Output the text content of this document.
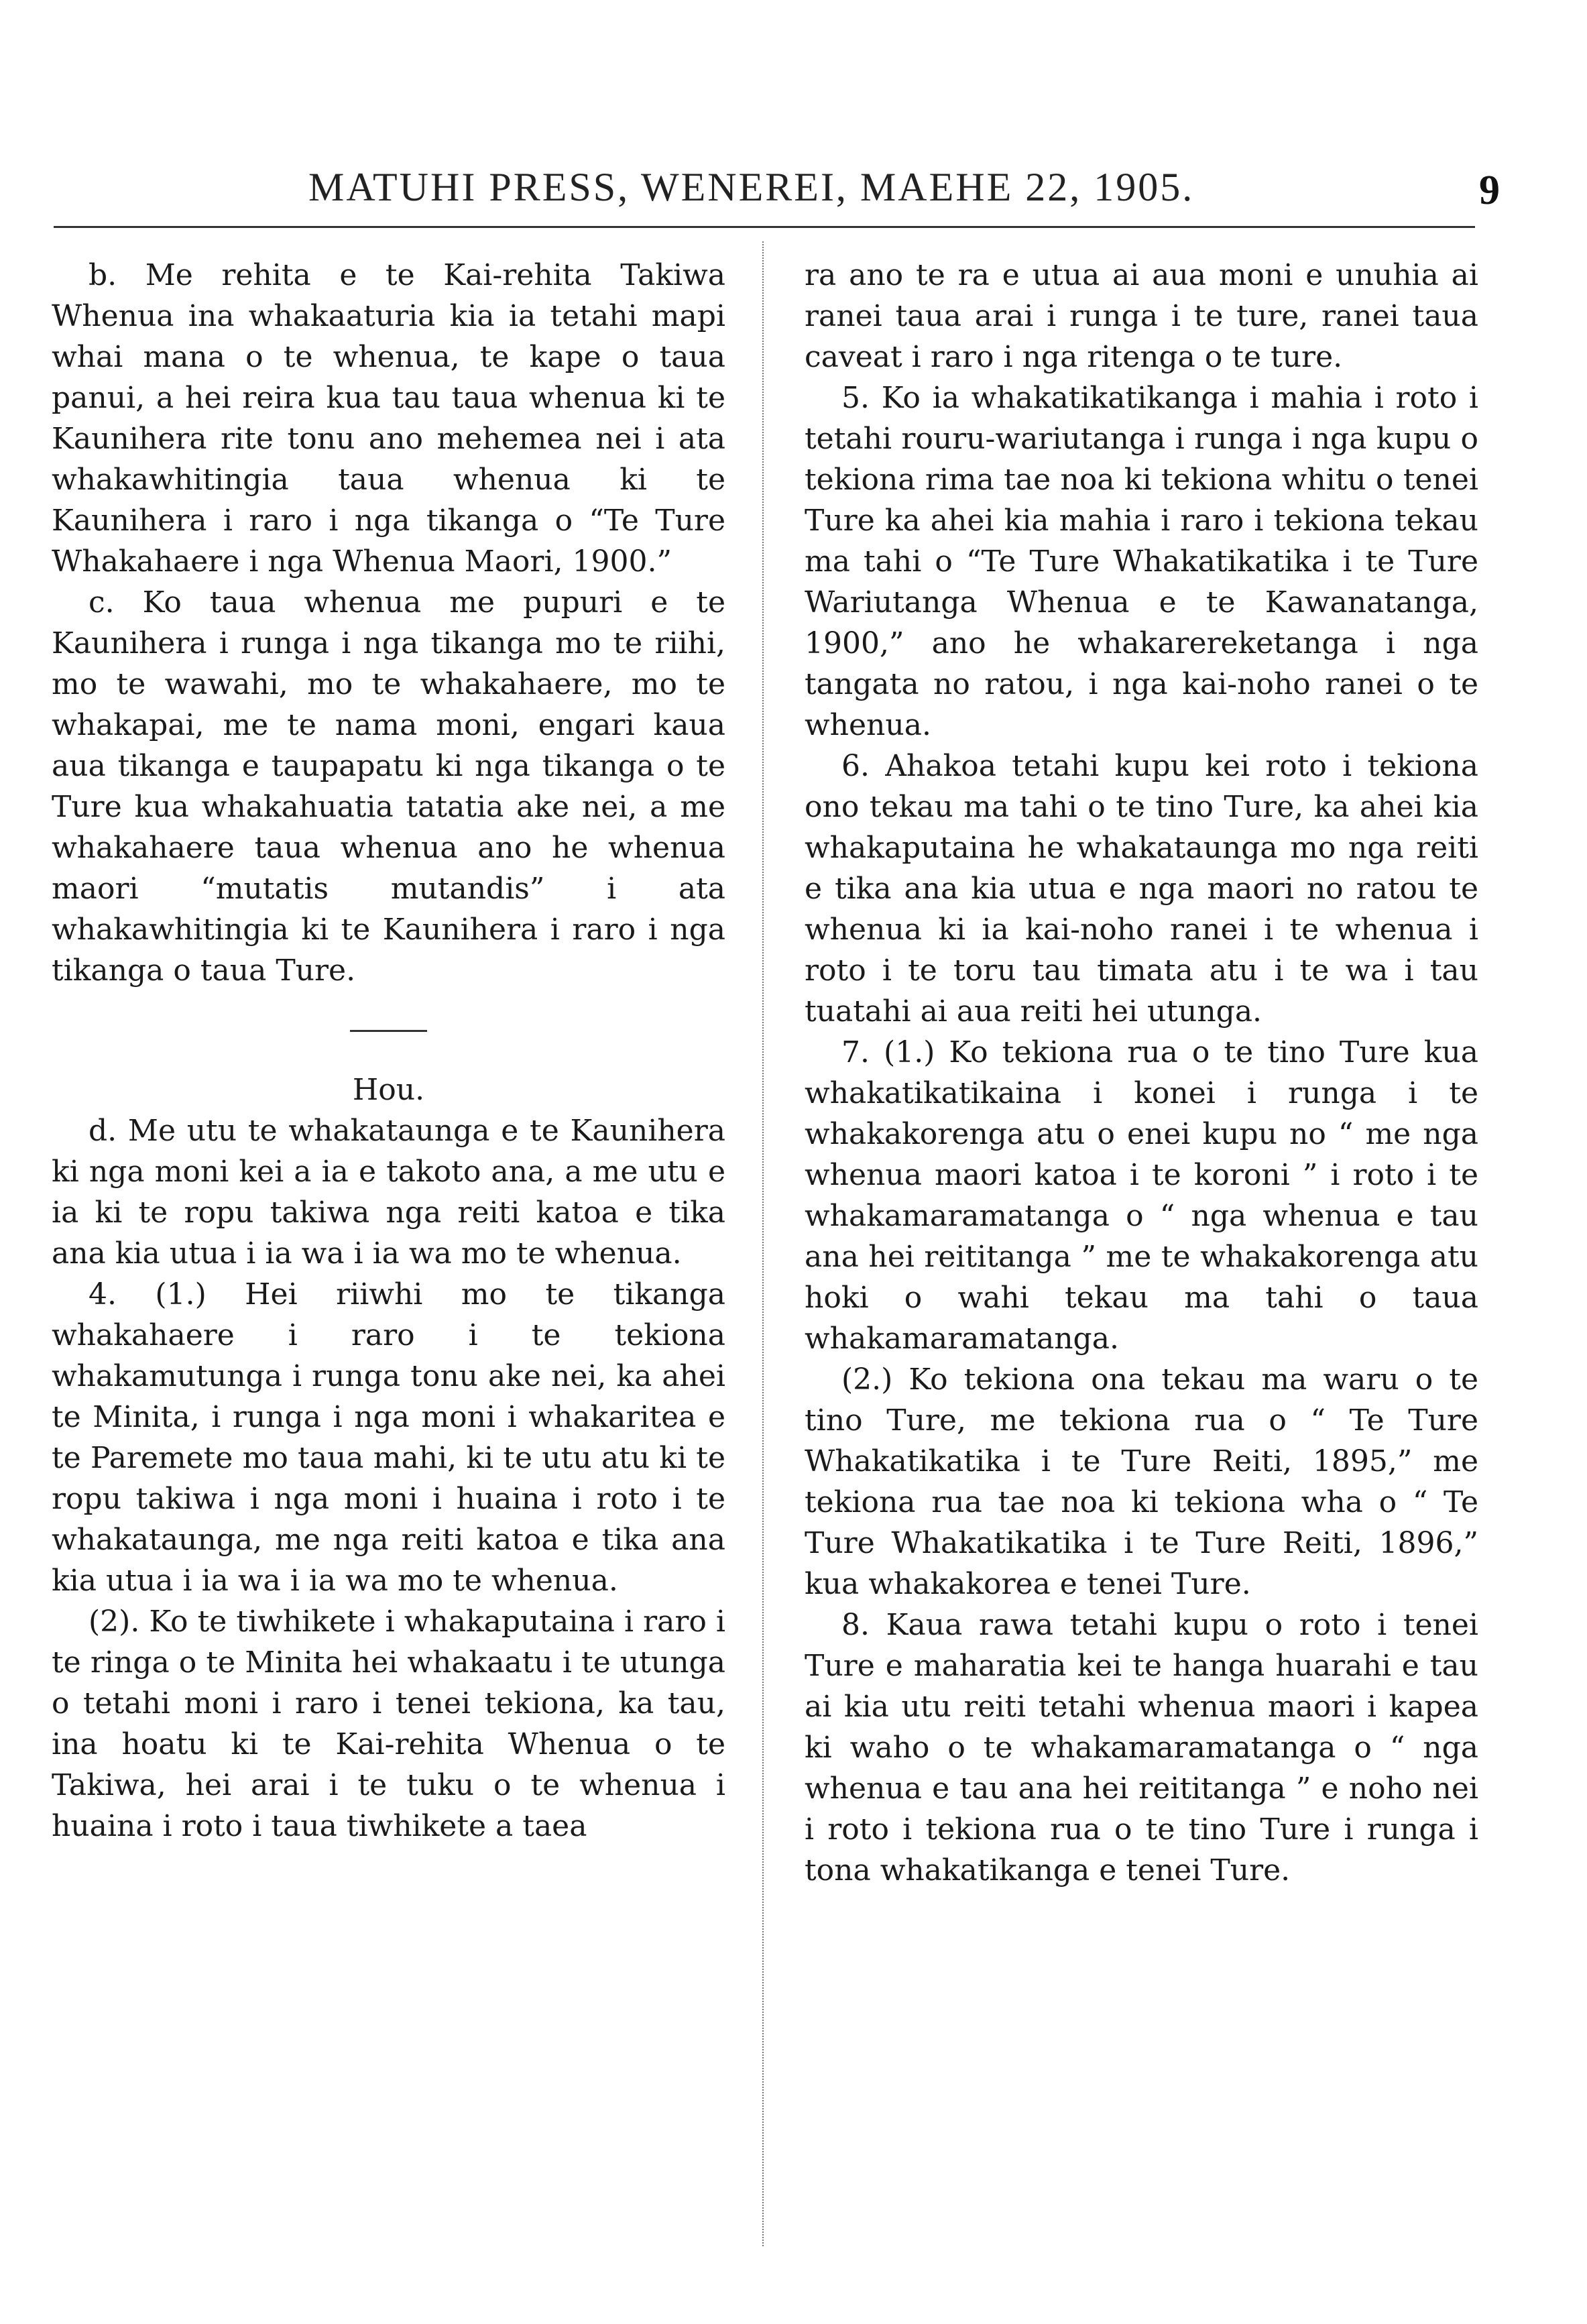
MATUHI PRESS, WENEREI, MAEHE 22, 1905.	9

b. Me rehita e te Kai-rehita Takiwa Whenua ina whakaaturia kia ia tetahi mapi whai mana o te whenua, te kape o taua panui, a hei reira kua tau taua whenua ki te Kaunihera rite tonu ano mehemea nei i ata whakawhitingia taua whenua ki te Kaunihera i raro i nga tikanga o “Te Ture Whakahaere i nga Whenua Maori, 1900.”

c. Ko taua whenua me pupuri e te Kaunihera i runga i nga tikanga mo te riihi, mo te wawahi, mo te whakahaere, mo te whakapai, me te nama moni, engari kaua aua tikanga e taupapatu ki nga tikanga o te Ture kua whakahuatia tatatia ake nei, a me whakahaere taua whenua ano he whenua maori “mutatis mutandis” i ata whakawhitingia ki te Kaunihera i raro i nga tikanga o taua Ture.

Hou.

d. Me utu te whakataunga e te Kaunihera ki nga moni kei a ia e takoto ana, a me utu e ia ki te ropu takiwa nga reiti katoa e tika ana kia utua i ia wa i ia wa mo te whenua.

4. (1.) Hei riiwhi mo te tikanga whakahaere i raro i te tekiona whakamutunga i runga tonu ake nei, ka ahei te Minita, i runga i nga moni i whakaritea e te Paremete mo taua mahi, ki te utu atu ki te ropu takiwa i nga moni i huaina i roto i te whakataunga, me nga reiti katoa e tika ana kia utua i ia wa i ia wa mo te whenua.

(2). Ko te tiwhikete i whakaputaina i raro i te ringa o te Minita hei whakaatu i te utunga o tetahi moni i raro i tenei tekiona, ka tau, ina hoatu ki te Kai-rehita Whenua o te Takiwa, hei arai i te tuku o te whenua i huaina i roto i taua tiwhikete a taea

ra ano te ra e utua ai aua moni e unuhia ai ranei taua arai i runga i te ture, ranei taua caveat i raro i nga ritenga o te ture.

5. Ko ia whakatikatikanga i mahia i roto i tetahi rouru-wariutanga i runga i nga kupu o tekiona rima tae noa ki tekiona whitu o tenei Ture ka ahei kia mahia i raro i tekiona tekau ma tahi o “Te Ture Whakatikatika i te Ture Wariutanga Whenua e te Kawanatanga, 1900,” ano he whakarereketanga i nga tangata no ratou, i nga kai-noho ranei o te whenua.

6. Ahakoa tetahi kupu kei roto i tekiona ono tekau ma tahi o te tino Ture, ka ahei kia whakaputaina he whakataunga mo nga reiti e tika ana kia utua e nga maori no ratou te whenua ki ia kai-noho ranei i te whenua i roto i te toru tau timata atu i te wa i tau tuatahi ai aua reiti hei utunga.

7. (1.) Ko tekiona rua o te tino Ture kua whakatikatikaina i konei i runga i te whakakorenga atu o enei kupu no “ me nga whenua maori katoa i te koroni ” i roto i te whakamaramatanga o “ nga whenua e tau ana hei reititanga ” me te whakakorenga atu hoki o wahi tekau ma tahi o taua whakamaramatanga.

(2.) Ko tekiona ona tekau ma waru o te tino Ture, me tekiona rua o “ Te Ture Whakatikatika i te Ture Reiti, 1895,” me tekiona rua tae noa ki tekiona wha o “ Te Ture Whakatikatika i te Ture Reiti, 1896,” kua whakakorea e tenei Ture.

8. Kaua rawa tetahi kupu o roto i tenei Ture e maharatia kei te hanga huarahi e tau ai kia utu reiti tetahi whenua maori i kapea ki waho o te whakamaramatanga o “ nga whenua e tau ana hei reititanga ” e noho nei i roto i tekiona rua o te tino Ture i runga i tona whakatikanga e tenei Ture.
